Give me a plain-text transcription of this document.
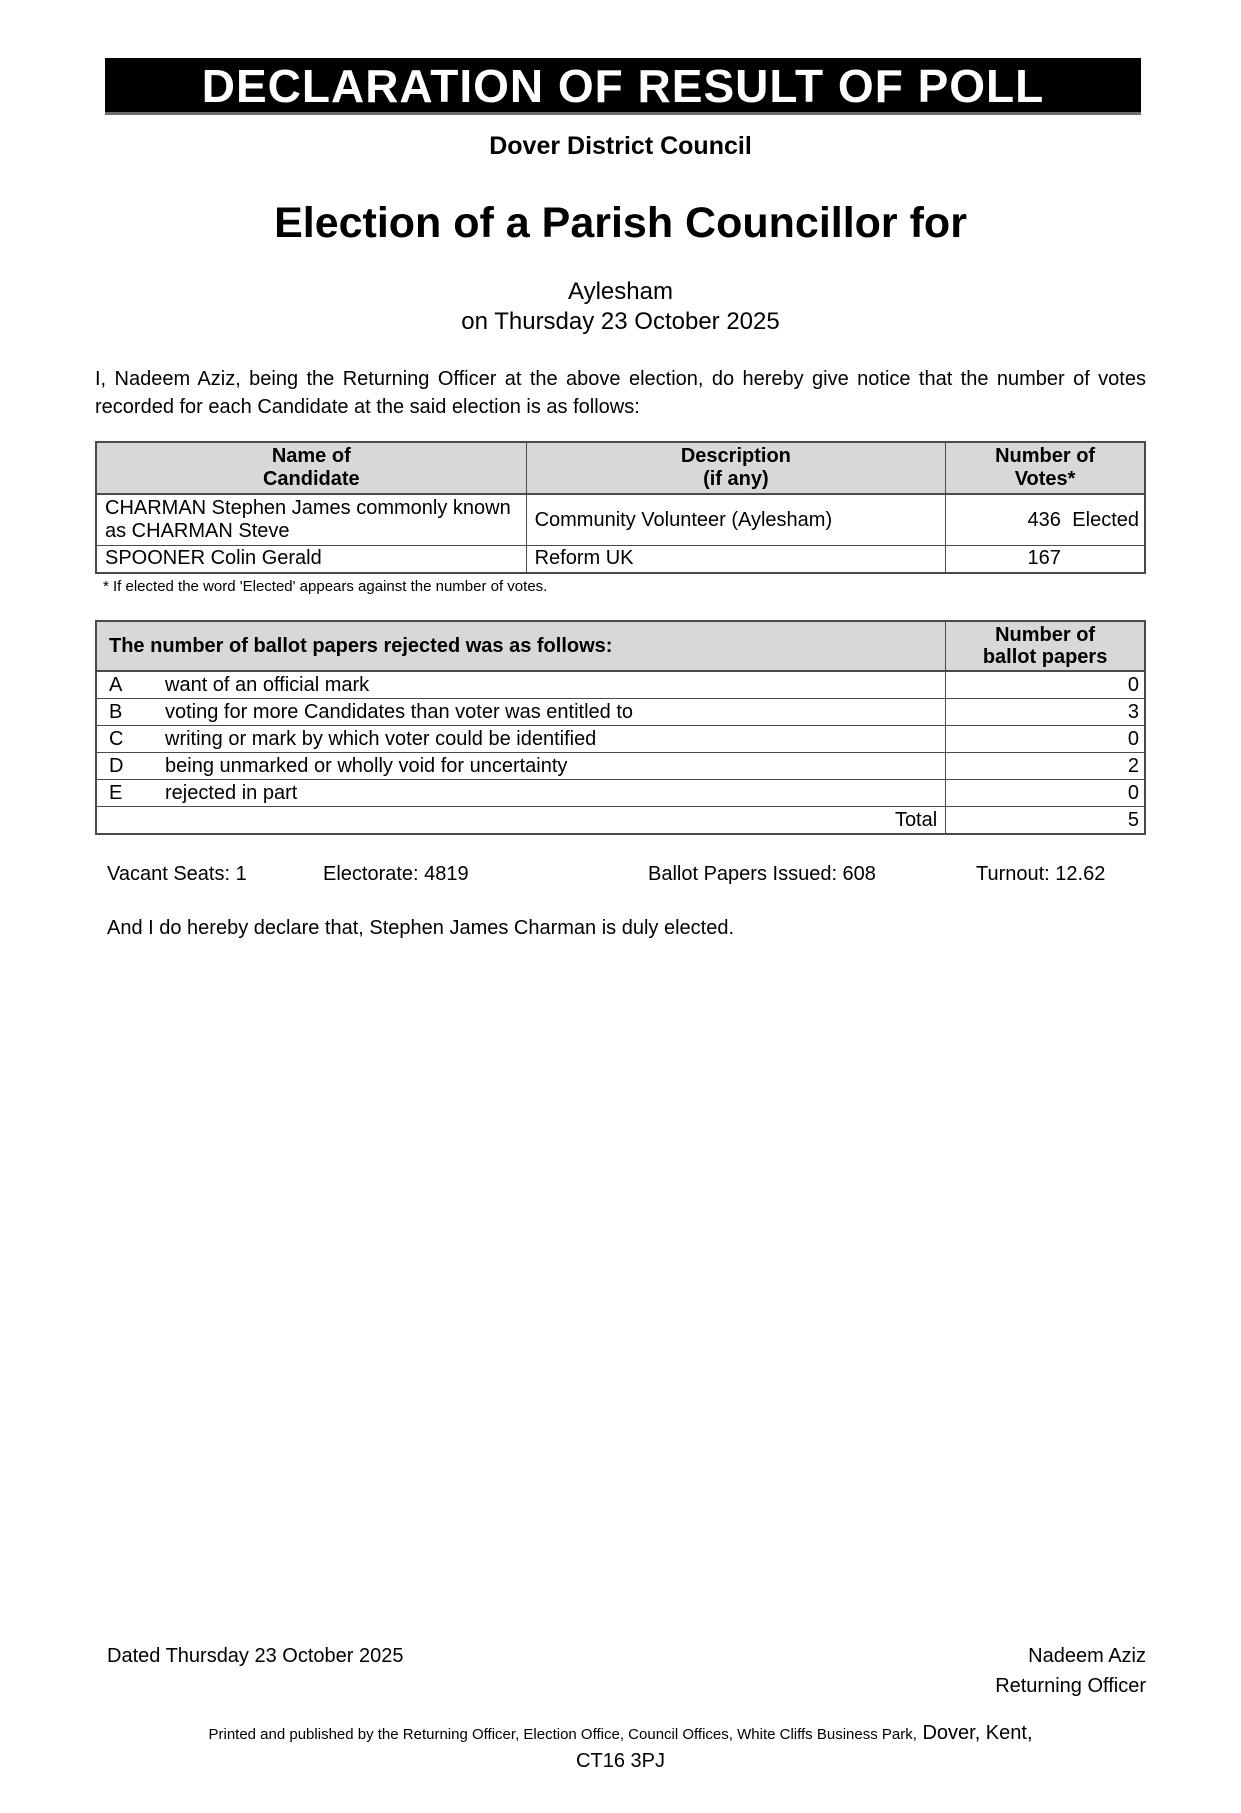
DECLARATION OF RESULT OF POLL
Dover District Council
Election of a Parish Councillor for
Aylesham
on Thursday 23 October 2025

I, Nadeem Aziz, being the Returning Officer at the above election, do hereby give notice that the number of votes recorded for each Candidate at the said election is as follows:

Name of
Candidate

Description
(if any)

Number of
Votes*

CHARMAN Stephen James commonly known as CHARMAN Steve	Community Volunteer (Aylesham)	436 Elected

SPOONER Colin Gerald	Reform UK	167
* If elected the word 'Elected' appears against the number of votes.
The number of ballot papers rejected was as follows:	Number of
ballot papers

A want of an official mark	0
B voting for more Candidates than voter was entitled to	3
C writing or mark by which voter could be identified	0
D being unmarked or wholly void for uncertainty	2
E rejected in part	0
Total	5
Vacant Seats: 1	Electorate: 4819	Ballot Papers Issued: 608	Turnout: 12.62
And I do hereby declare that, Stephen James Charman is duly elected.
Dated Thursday 23 October 2025	Nadeem Aziz
Returning Officer
Printed and published by the Returning Officer, Election Office, Council Offices, White Cliffs Business Park, Dover, Kent,
CT16 3PJ
